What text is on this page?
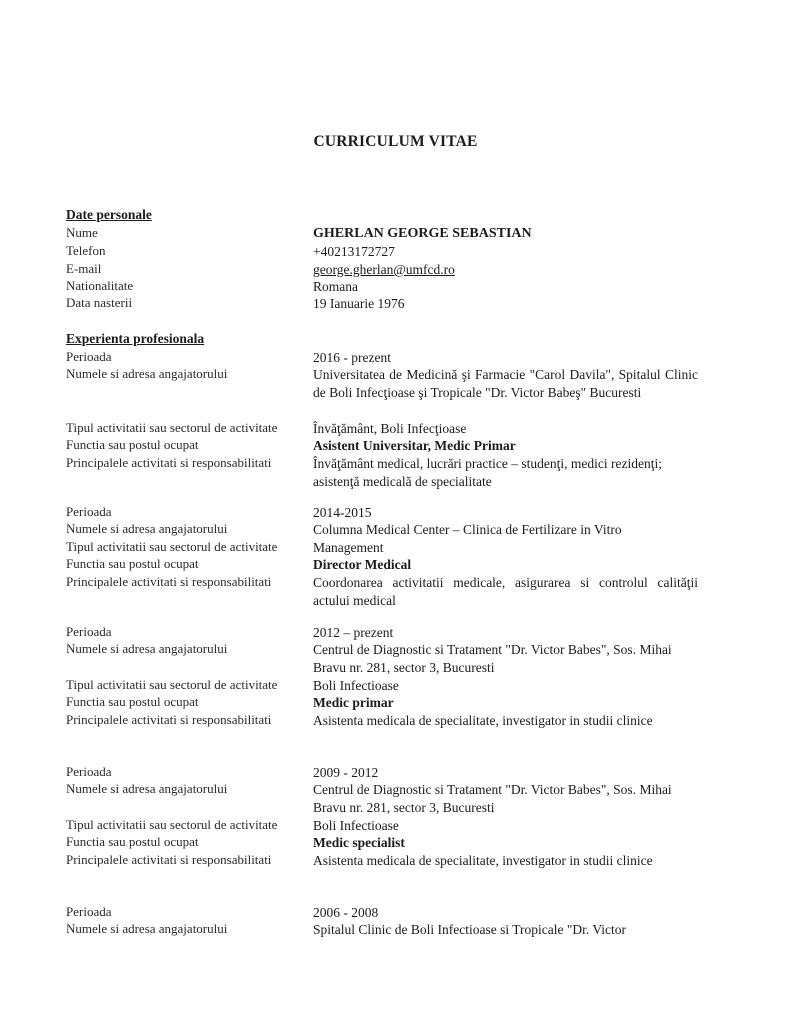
CURRICULUM VITAE
Date personale
Nume	GHERLAN GEORGE SEBASTIAN
Telefon	+40213172727
E-mail	george.gherlan@umfcd.ro
Nationalitate	Romana
Data nasterii	19 Ianuarie 1976
Experienta profesionala
Perioada	2016 - prezent
Numele si adresa angajatorului	Universitatea de Medicină şi Farmacie "Carol Davila", Spitalul Clinic de Boli Infecţioase şi Tropicale "Dr. Victor Babeş" Bucuresti
Tipul activitatii sau sectorul de activitate	Învăţământ, Boli Infecţioase
Functia sau postul ocupat	Asistent Universitar, Medic Primar
Principalele activitati si responsabilitati	Învăţământ medical, lucrări practice – studenţi, medici rezidenţi; asistenţă medicală de specialitate
Perioada	2014-2015
Numele si adresa angajatorului	Columna Medical Center – Clinica de Fertilizare in Vitro
Tipul activitatii sau sectorul de activitate	Management
Functia sau postul ocupat	Director Medical
Principalele activitati si responsabilitati	Coordonarea activitatii medicale, asigurarea si controlul calităţii actului medical
Perioada	2012 – prezent
Numele si adresa angajatorului	Centrul de Diagnostic si Tratament "Dr. Victor Babes", Sos. Mihai Bravu nr. 281, sector 3, Bucuresti
Tipul activitatii sau sectorul de activitate	Boli Infectioase
Functia sau postul ocupat	Medic primar
Principalele activitati si responsabilitati	Asistenta medicala de specialitate, investigator in studii clinice
Perioada	2009 - 2012
Numele si adresa angajatorului	Centrul de Diagnostic si Tratament "Dr. Victor Babes", Sos. Mihai Bravu nr. 281, sector 3, Bucuresti
Tipul activitatii sau sectorul de activitate	Boli Infectioase
Functia sau postul ocupat	Medic specialist
Principalele activitati si responsabilitati	Asistenta medicala de specialitate, investigator in studii clinice
Perioada	2006 - 2008
Numele si adresa angajatorului	Spitalul Clinic de Boli Infectioase si Tropicale "Dr. Victor
